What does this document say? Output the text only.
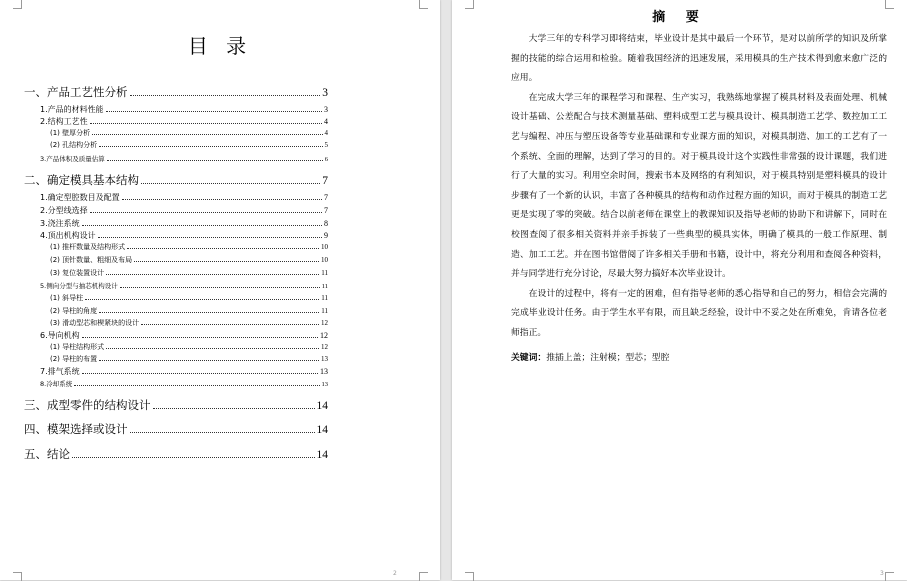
目 录
一、产品工艺性分析	3
1.产品的材料性能	3
2.结构工艺性	4
(1) 壁厚分析	4
(2) 孔结构分析	5
3.产品体积及质量估算	6
二、确定模具基本结构	7
1.确定型腔数目及配置	7
2.分型线选择	7
3.浇注系统	8
4.顶出机构设计	9
(1) 推杆数量及结构形式	10
(2) 顶针数量、粗细及布局	10
(3) 复位装置设计	11
5.侧向分型与抽芯机构设计	11
(1) 斜导柱	11
(2) 导柱的角度	11
(3) 滑动型芯和楔紧块的设计	12
6.导向机构	12
(1) 导柱结构形式	12
(2) 导柱的布置	13
7.排气系统	13
8.冷却系统	13
三、成型零件的结构设计	14
四、模架选择或设计	14
五、结论	14
2
摘 要

大学三年的专科学习即将结束，毕业设计是其中最后一个环节，是对以前所学的知识及所掌握的技能的综合运用和检验。随着我国经济的迅速发展，采用模具的生产技术得到愈来愈广泛的应用。

在完成大学三年的课程学习和课程、生产实习，我熟练地掌握了模具材料及表面处理、机械设计基础、公差配合与技术测量基础、塑料成型工艺与模具设计、模具制造工艺学、数控加工工艺与编程、冲压与塑压设备等专业基础课和专业课方面的知识，对模具制造、加工的工艺有了一个系统、全面的理解，达到了学习的目的。对于模具设计这个实践性非常强的设计课题，我们进行了大量的实习。利用空余时间，搜索书本及网络的有利知识，对于模具特别是塑料模具的设计步骤有了一个新的认识，丰富了各种模具的结构和动作过程方面的知识，而对于模具的制造工艺更是实现了零的突破。结合以前老师在课堂上的教课知识及指导老师的协助下和讲解下，同时在校图查阅了很多相关资料并亲手拆装了一些典型的模具实体，明确了模具的一般工作原理、制造、加工工艺。并在图书馆借阅了许多相关手册和书籍，设计中，将充分利用和查阅各种资料，并与同学进行充分讨论，尽最大努力搞好本次毕业设计。

在设计的过程中，将有一定的困难，但有指导老师的悉心指导和自己的努力，相信会完满的完成毕业设计任务。由于学生水平有限，而且缺乏经验，设计中不妥之处在所难免，肯请各位老师指正。

关键词：推插上盖；注射模；型芯；型腔
3
